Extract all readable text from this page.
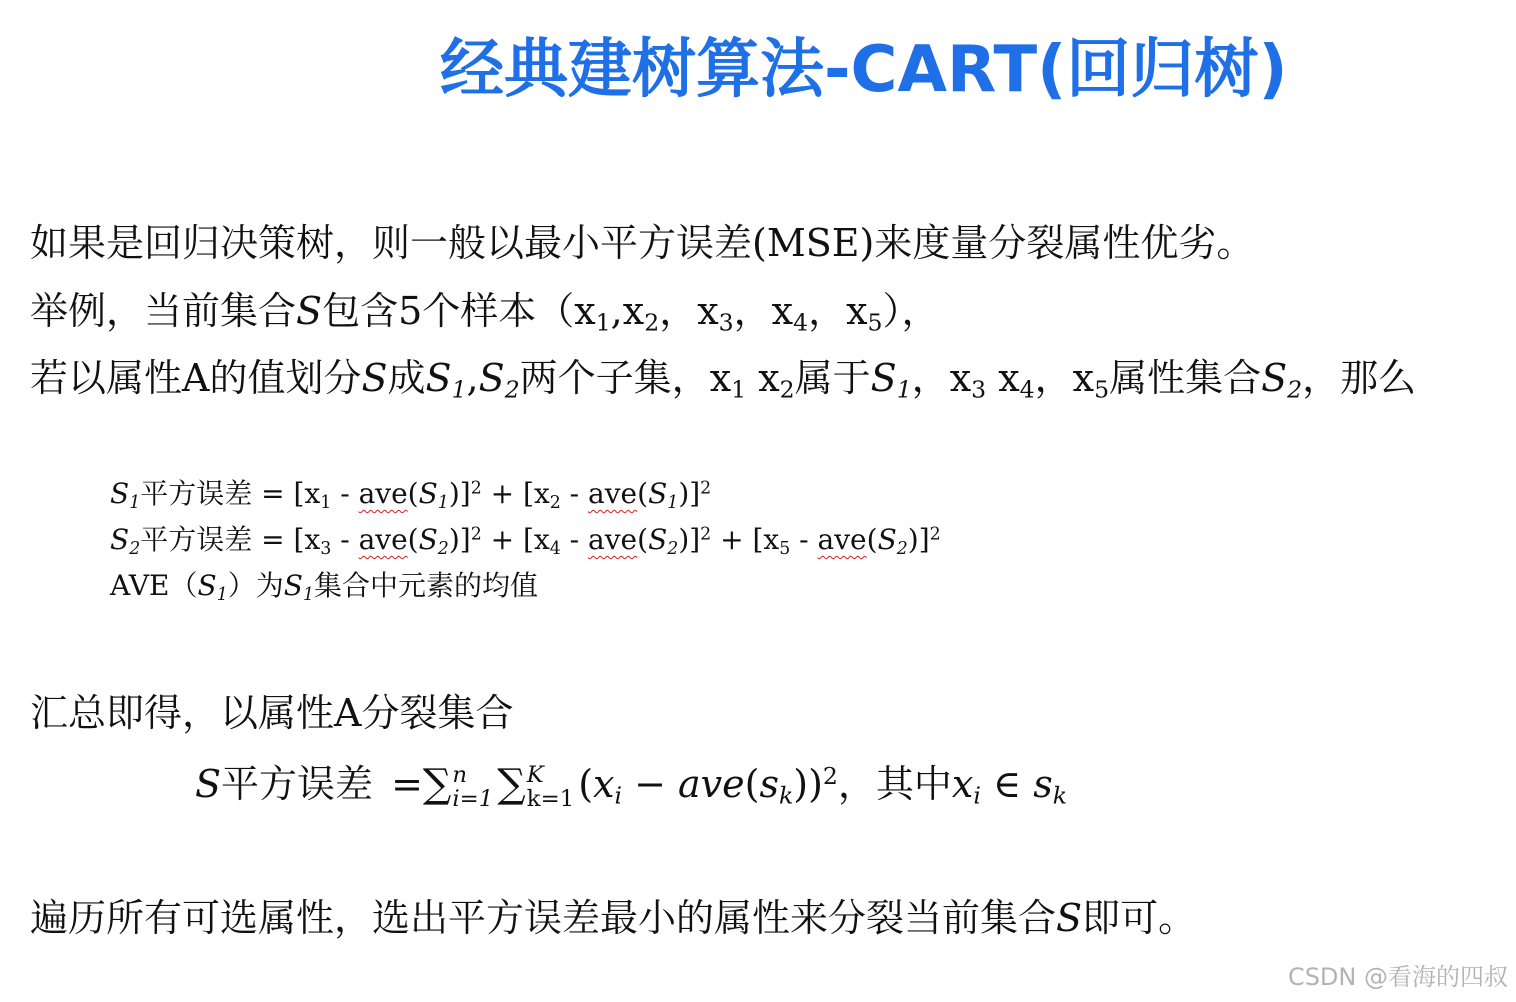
经典建树算法-CART(回归树)
如果是回归决策树，则一般以最小平方误差(MSE)来度量分裂属性优劣。
举例，当前集合S包含5个样本（$x_1,x_2$，$x_3$，$x_4$，$x_5$），
若以属性A的值划分S成$S_1,S_2$两个子集，$x_1$ $x_2$属于$S_1$，$x_3$ $x_4$，$x_5$属性集合$S_2$，那么
$S_1$平方误差 = $[x_1 - ave(S_1)]^2 + [x_2 - ave(S_1)]^2$
$S_2$平方误差 = $[x_3 - ave(S_2)]^2 + [x_4 - ave(S_2)]^2 + [x_5 - ave(S_2)]^2$
$AVE(S_1)$为$S_1$集合中元素的均值
汇总即得，以属性A分裂集合
S平方误差 =∑n
i=1 ∑K
k=1 $(x_i - ave(s_k))^2$，其中$x_i$ ∈ $s_k$
遍历所有可选属性，选出平方误差最小的属性来分裂当前集合S即可。
CSDN @看海的四叔
